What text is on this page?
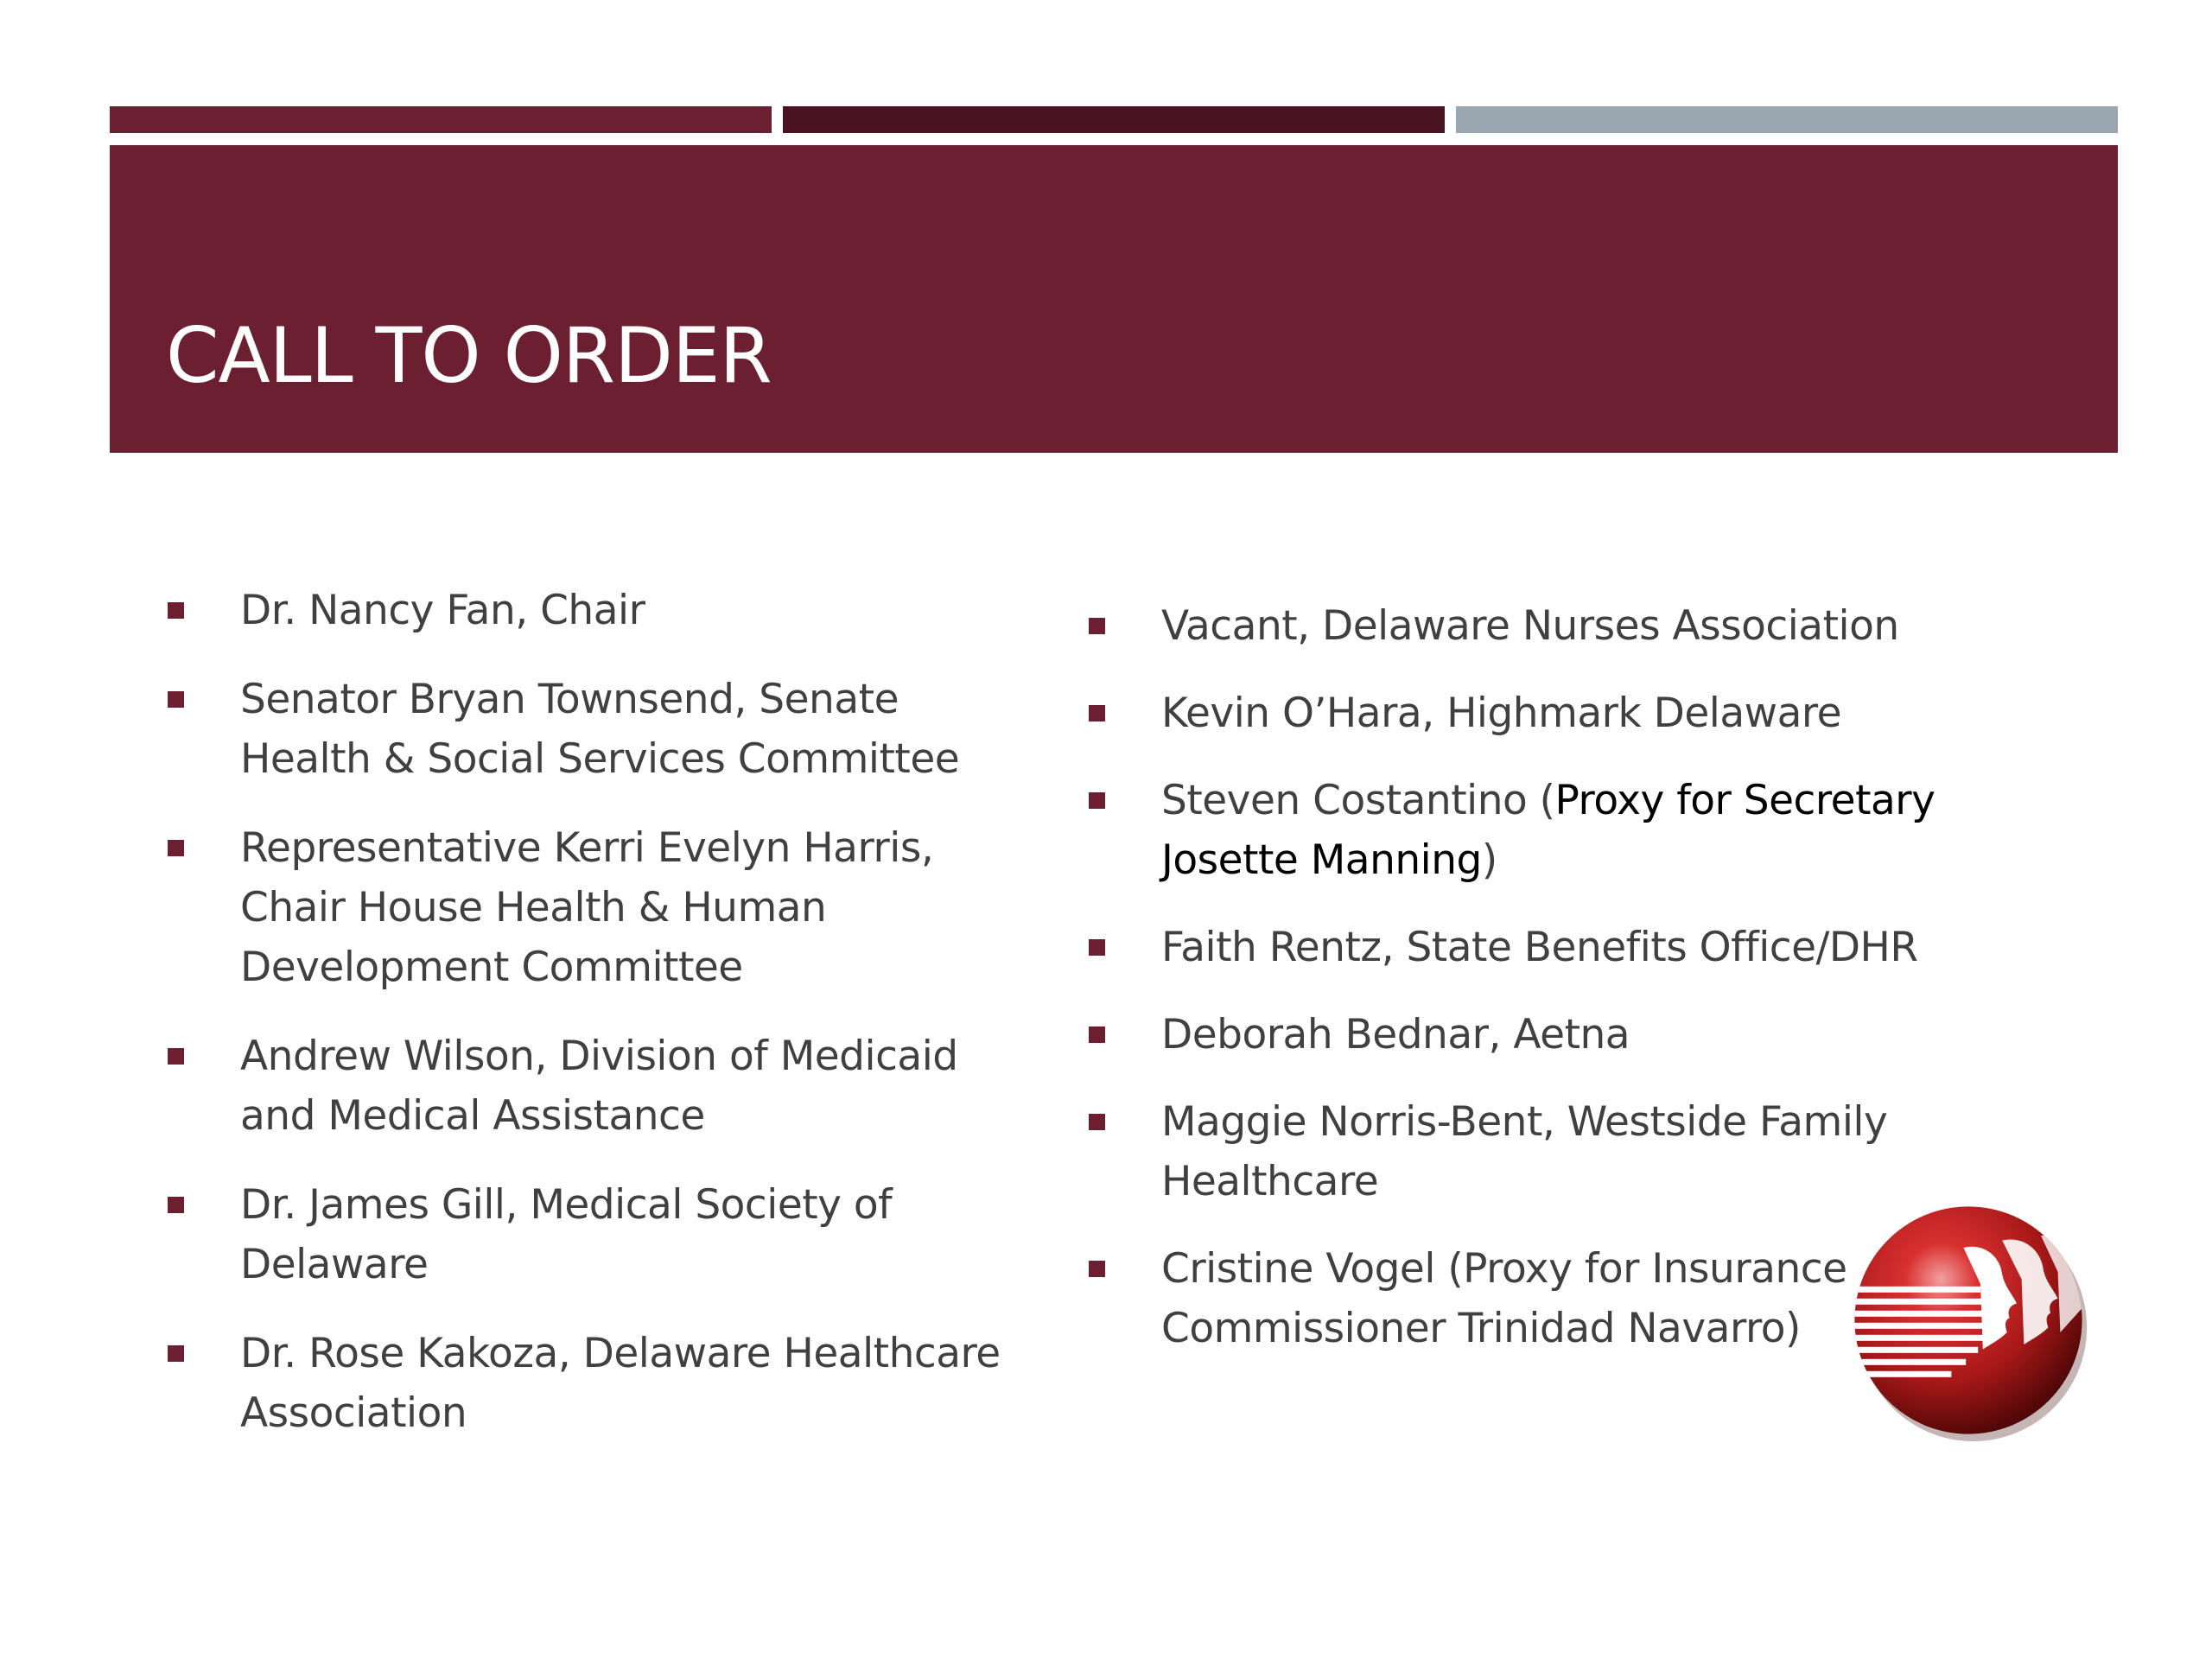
CALL TO ORDER
Dr. Nancy Fan, Chair
Senator Bryan Townsend, Senate Health & Social Services Committee
Representative Kerri Evelyn Harris, Chair House Health & Human Development Committee
Andrew Wilson, Division of Medicaid and Medical Assistance
Dr. James Gill, Medical Society of Delaware
Dr. Rose Kakoza, Delaware Healthcare Association
Vacant, Delaware Nurses Association
Kevin O’Hara, Highmark Delaware
Steven Costantino (Proxy for Secretary Josette Manning)
Faith Rentz, State Benefits Office/DHR
Deborah Bednar, Aetna
Maggie Norris-Bent, Westside Family Healthcare
Cristine Vogel (Proxy for Insurance Commissioner Trinidad Navarro)
